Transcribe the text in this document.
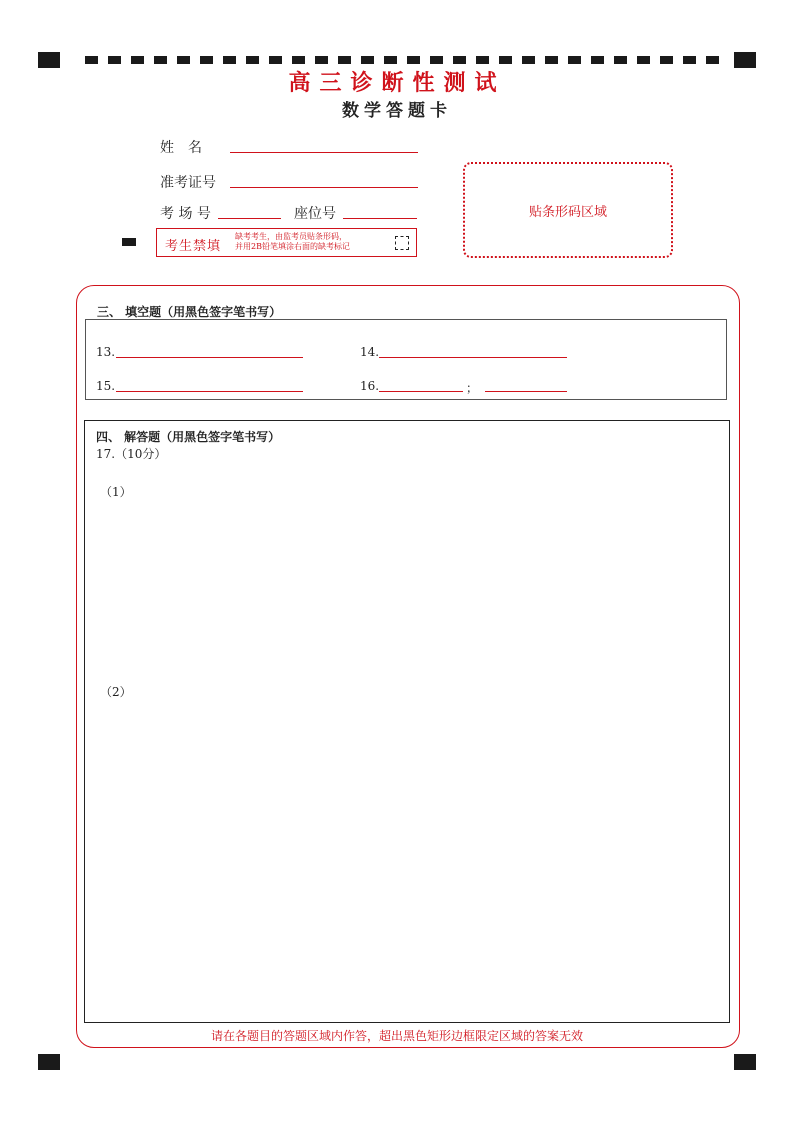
高三诊断性测试
数学答题卡
姓　名
准考证号
考 场 号	座位号
考生禁填
缺考考生，由监考员贴条形码，
并用2B铅笔填涂右面的缺考标记
贴条形码区域
三、 填空题（用黑色签字笔书写）
13.	14.
15.	16.	；
四、 解答题（用黑色签字笔书写）
17.（10分）
（1）
（2）
请在各题目的答题区域内作答，超出黑色矩形边框限定区域的答案无效
